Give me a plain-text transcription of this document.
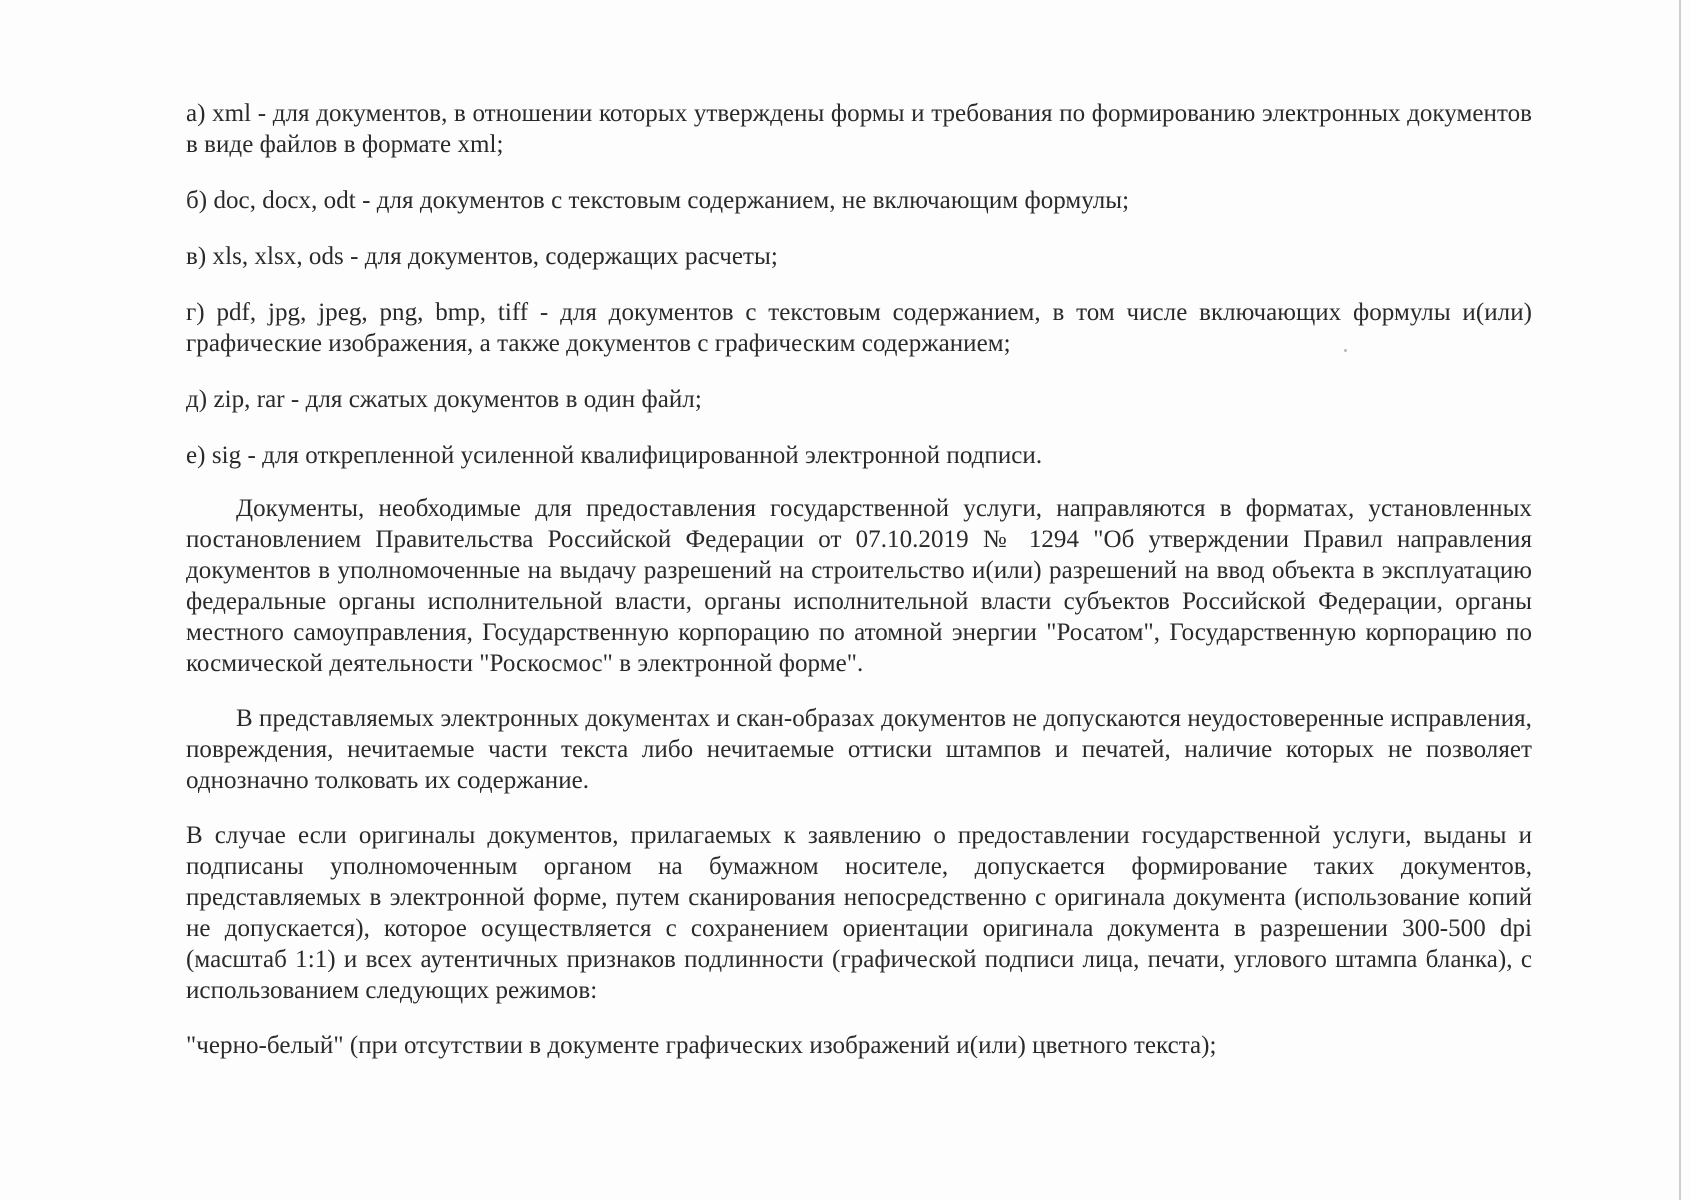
а) xml - для документов, в отношении которых утверждены формы и требования по формированию электронных документов в виде файлов в формате xml;

б) doc, docx, odt - для документов с текстовым содержанием, не включающим формулы;

в) xls, xlsx, ods - для документов, содержащих расчеты;

г) pdf, jpg, jpeg, png, bmp, tiff - для документов с текстовым содержанием, в том числе включающих формулы и(или) графические изображения, а также документов с графическим содержанием;

д) zip, rar - для сжатых документов в один файл;

е) sig - для открепленной усиленной квалифицированной электронной подписи.

Документы, необходимые для предоставления государственной услуги, направляются в форматах, установленных постановлением Правительства Российской Федерации от 07.10.2019 № 1294 "Об утверждении Правил направления документов в уполномоченные на выдачу разрешений на строительство и(или) разрешений на ввод объекта в эксплуатацию федеральные органы исполнительной власти, органы исполнительной власти субъектов Российской Федерации, органы местного самоуправления, Государственную корпорацию по атомной энергии "Росатом", Государственную корпорацию по космической деятельности "Роскосмос" в электронной форме".

В представляемых электронных документах и скан-образах документов не допускаются неудостоверенные исправления, повреждения, нечитаемые части текста либо нечитаемые оттиски штампов и печатей, наличие которых не позволяет однозначно толковать их содержание.

В случае если оригиналы документов, прилагаемых к заявлению о предоставлении государственной услуги, выданы и подписаны уполномоченным органом на бумажном носителе, допускается формирование таких документов, представляемых в электронной форме, путем сканирования непосредственно с оригинала документа (использование копий не допускается), которое осуществляется с сохранением ориентации оригинала документа в разрешении 300-500 dpi (масштаб 1:1) и всех аутентичных признаков подлинности (графической подписи лица, печати, углового штампа бланка), с использованием следующих режимов:

"черно-белый" (при отсутствии в документе графических изображений и(или) цветного текста);
